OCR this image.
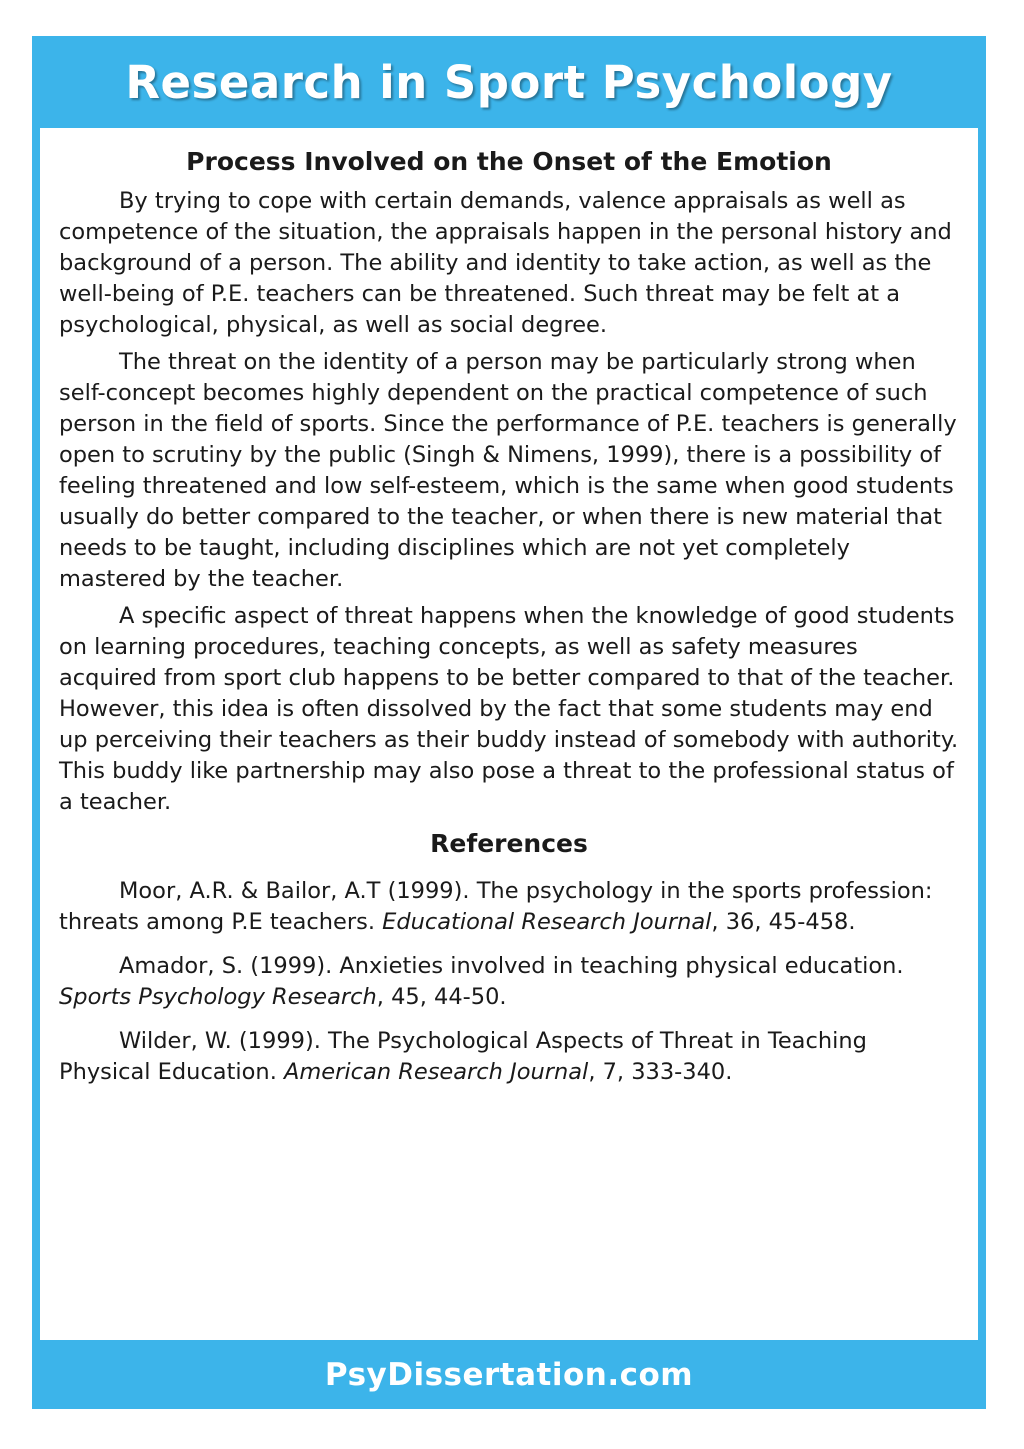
Research in Sport Psychology
Process Involved on the Onset of the Emotion

By trying to cope with certain demands, valence appraisals as well as competence of the situation, the appraisals happen in the personal history and background of a person. The ability and identity to take action, as well as the well-being of P.E. teachers can be threatened. Such threat may be felt at a psychological, physical, as well as social degree.

The threat on the identity of a person may be particularly strong when self-concept becomes highly dependent on the practical competence of such person in the field of sports. Since the performance of P.E. teachers is generally open to scrutiny by the public (Singh & Nimens, 1999), there is a possibility of feeling threatened and low self-esteem, which is the same when good students usually do better compared to the teacher, or when there is new material that needs to be taught, including disciplines which are not yet completely mastered by the teacher.

A specific aspect of threat happens when the knowledge of good students on learning procedures, teaching concepts, as well as safety measures acquired from sport club happens to be better compared to that of the teacher. However, this idea is often dissolved by the fact that some students may end up perceiving their teachers as their buddy instead of somebody with authority. This buddy like partnership may also pose a threat to the professional status of a teacher.

References

Moor, A.R. & Bailor, A.T (1999). The psychology in the sports profession: threats among P.E teachers. Educational Research Journal, 36, 45-458.

Amador, S. (1999). Anxieties involved in teaching physical education. Sports Psychology Research, 45, 44-50.

Wilder, W. (1999). The Psychological Aspects of Threat in Teaching Physical Education. American Research Journal, 7, 333-340.

PsyDissertation.com
